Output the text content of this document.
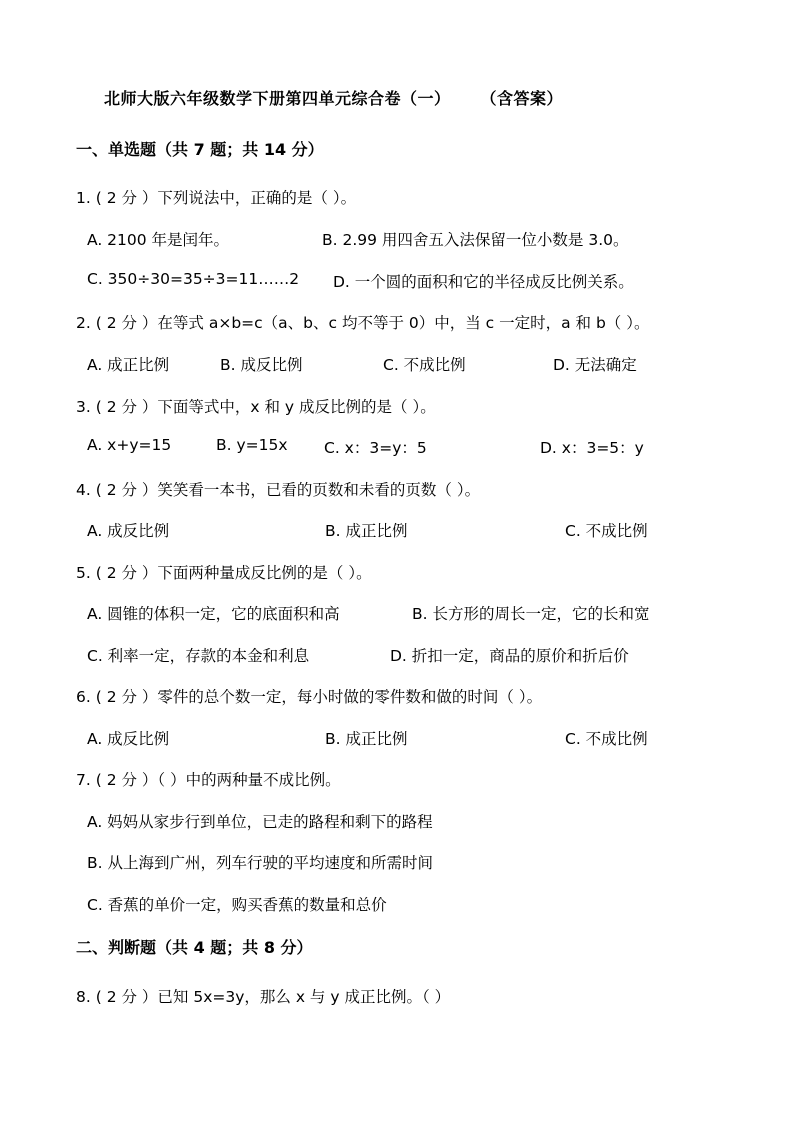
北师大版六年级数学下册第四单元综合卷（一） （含答案）
一、单选题（共 7 题；共 14 分）
1. ( 2 分 ）下列说法中，正确的是（ ）。
A. 2100 年是闰年。	B. 2.99 用四舍五入法保留一位小数是 3.0。
C. 350÷30=35÷3=11……2 D. 一个圆的面积和它的半径成反比例关系。
2. ( 2 分 ）在等式 a×b=c（a、b、c 均不等于 0）中，当 c 一定时，a 和 b（ ）。
A. 成正比例	B. 成反比例	C. 不成比例	D. 无法确定
3. ( 2 分 ）下面等式中，x 和 y 成反比例的是（ ）。
A. x+y=15	B. y=15x C. x：3=y：5	D. x：3=5：y
4. ( 2 分 ）笑笑看一本书，已看的页数和未看的页数（ ）。
A. 成反比例	B. 成正比例	C. 不成比例
5. ( 2 分 ）下面两种量成反比例的是（ ）。
A. 圆锥的体积一定，它的底面积和高	B. 长方形的周长一定，它的长和宽
C. 利率一定，存款的本金和利息	D. 折扣一定，商品的原价和折后价
6. ( 2 分 ）零件的总个数一定，每小时做的零件数和做的时间（ ）。
A. 成反比例	B. 成正比例	C. 不成比例
7. ( 2 分 ）（ ）中的两种量不成比例。
A. 妈妈从家步行到单位，已走的路程和剩下的路程
B. 从上海到广州，列车行驶的平均速度和所需时间
C. 香蕉的单价一定，购买香蕉的数量和总价
二、判断题（共 4 题；共 8 分）
8. ( 2 分 ）已知 5x=3y，那么 x 与 y 成正比例。（ ）
